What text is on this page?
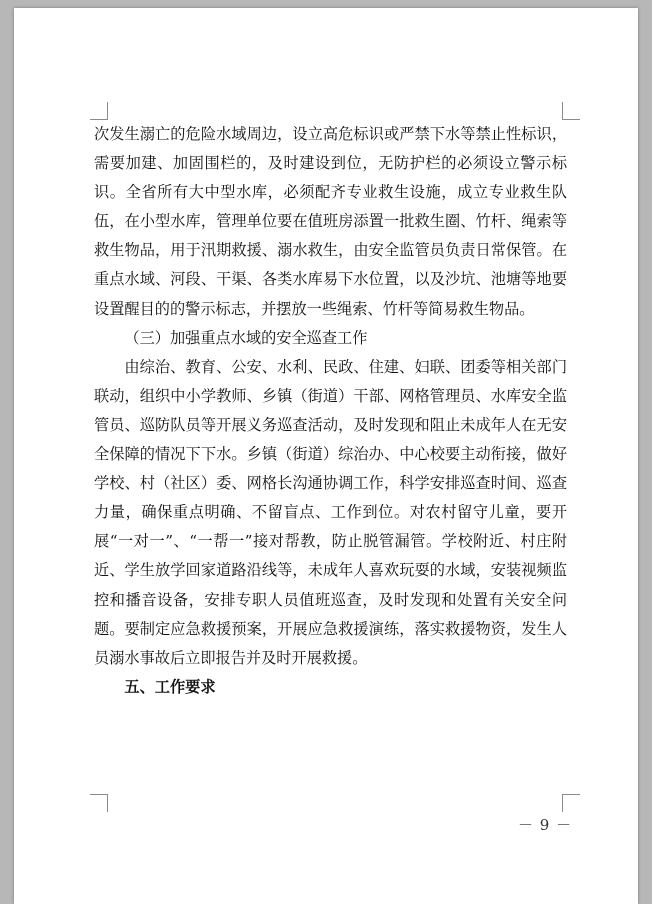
次发生溺亡的危险水域周边，设立高危标识或严禁下水等禁止性标识，需要加建、加固围栏的，及时建设到位，无防护栏的必须设立警示标识。全省所有大中型水库，必须配齐专业救生设施，成立专业救生队伍，在小型水库，管理单位要在值班房添置一批救生圈、竹杆、绳索等救生物品，用于汛期救援、溺水救生，由安全监管员负责日常保管。在重点水域、河段、干渠、各类水库易下水位置，以及沙坑、池塘等地要设置醒目的的警示标志，并摆放一些绳索、竹杆等简易救生物品。

（三）加强重点水域的安全巡查工作

由综治、教育、公安、水利、民政、住建、妇联、团委等相关部门联动，组织中小学教师、乡镇（街道）干部、网格管理员、水库安全监管员、巡防队员等开展义务巡查活动，及时发现和阻止未成年人在无安全保障的情况下下水。乡镇（街道）综治办、中心校要主动衔接，做好学校、村（社区）委、网格长沟通协调工作，科学安排巡查时间、巡查力量，确保重点明确、不留盲点、工作到位。对农村留守儿童，要开展“一对一”、“一帮一”接对帮教，防止脱管漏管。学校附近、村庄附近、学生放学回家道路沿线等，未成年人喜欢玩耍的水域，安装视频监控和播音设备，安排专职人员值班巡查，及时发现和处置有关安全问题。要制定应急救援预案，开展应急救援演练，落实救援物资，发生人员溺水事故后立即报告并及时开展救援。

五、工作要求

－ 9 －
